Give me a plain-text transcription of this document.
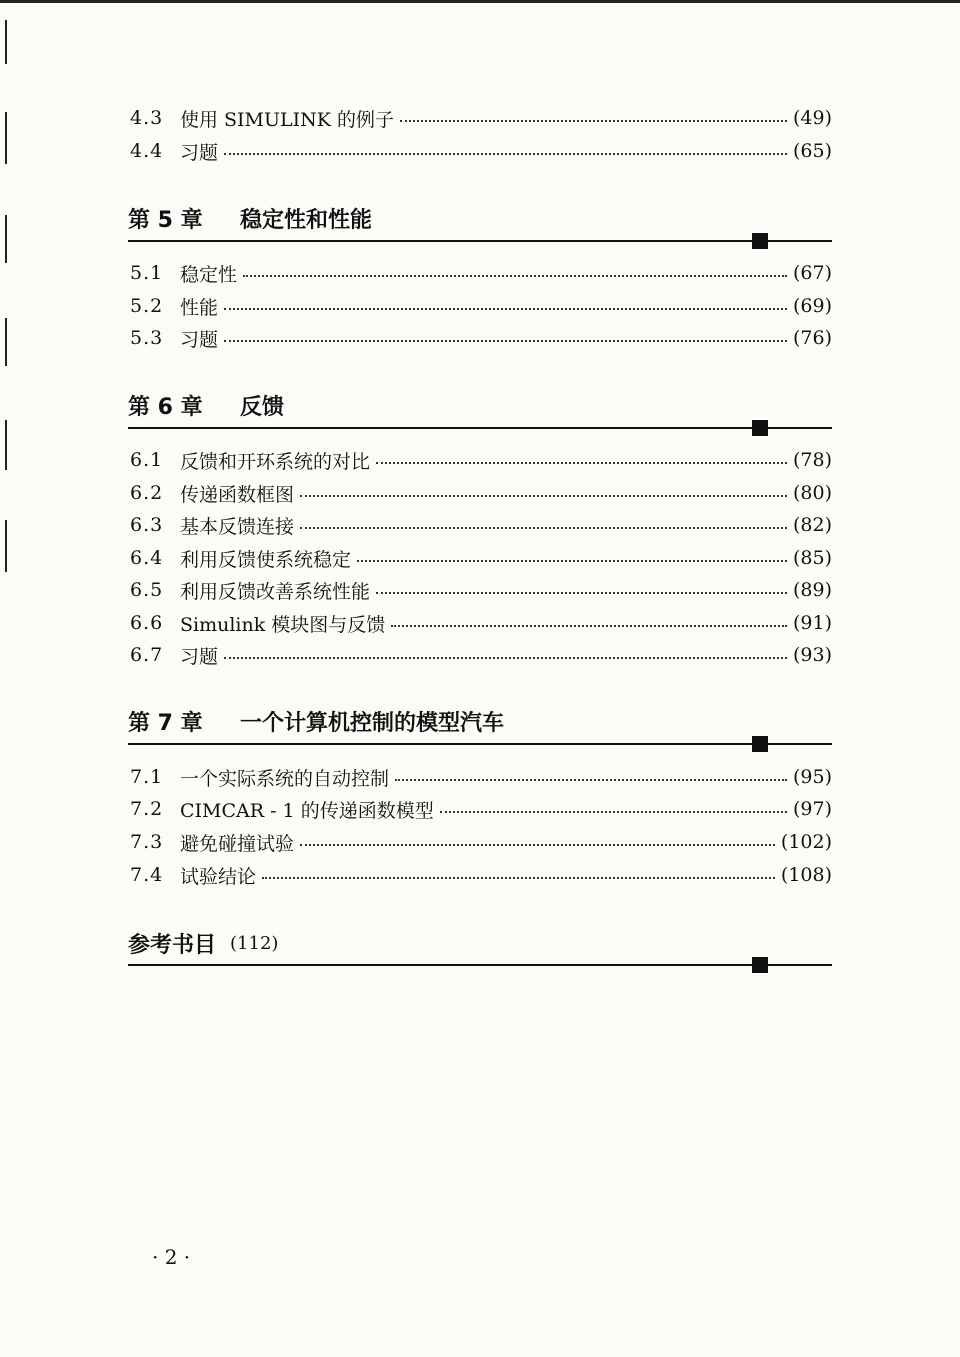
4.3 使用 SIMULINK 的例子	(49)
4.4 习题	(65)
第 5 章	稳定性和性能
5.1 稳定性	(67)
5.2 性能	(69)
5.3 习题	(76)
第 6 章	反馈
6.1 反馈和开环系统的对比	(78)
6.2 传递函数框图	(80)
6.3 基本反馈连接	(82)
6.4 利用反馈使系统稳定	(85)
6.5 利用反馈改善系统性能	(89)
6.6 Simulink 模块图与反馈	(91)
6.7 习题	(93)
第 7 章	一个计算机控制的模型汽车
7.1 一个实际系统的自动控制	(95)
7.2 CIMCAR - 1 的传递函数模型	(97)
7.3 避免碰撞试验	(102)
7.4 试验结论	(108)
参考书目 (112)
· 2 ·
